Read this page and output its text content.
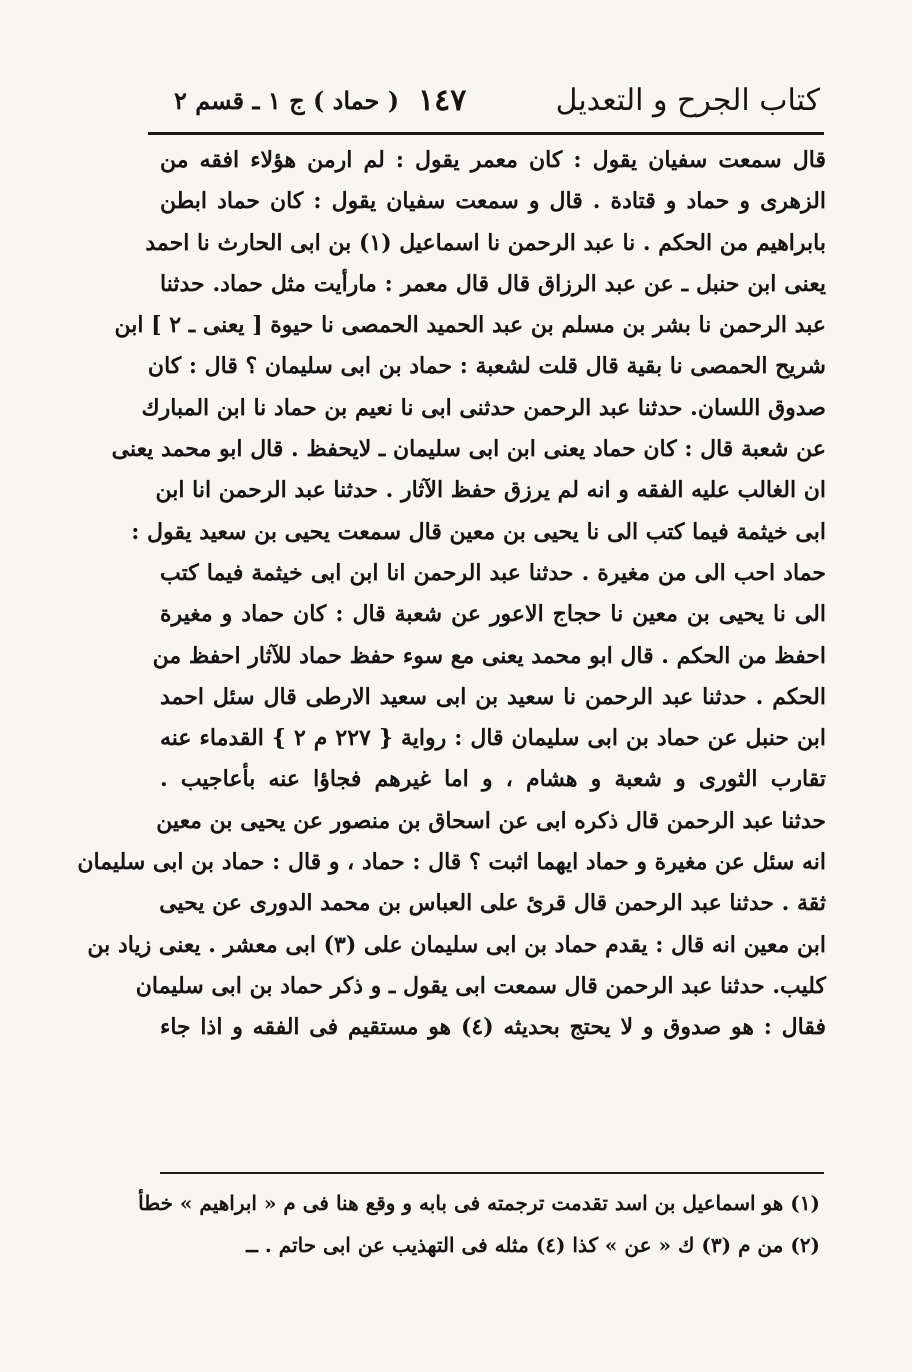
كتاب الجرح و التعديل
١٤٧
( حماد ) ج ١ ـ قسم ٢
قال سمعت سفيان يقول : كان معمر يقول : لم ارمن هؤلاء افقه من
الزهرى و حماد و قتادة . قال و سمعت سفيان يقول : كان حماد ابطن
بابراهيم من الحكم . نا عبد الرحمن نا اسماعيل (١) بن ابى الحارث نا احمد
يعنى ابن حنبل ـ عن عبد الرزاق قال قال معمر : مارأيت مثل حماد. حدثنا
عبد الرحمن نا بشر بن مسلم بن عبد الحميد الحمصى نا حيوة [ يعنى ـ ٢ ] ابن
شريح الحمصى نا بقية قال قلت لشعبة : حماد بن ابى سليمان ؟ قال : كان
صدوق اللسان. حدثنا عبد الرحمن حدثنى ابى نا نعيم بن حماد نا ابن المبارك
عن شعبة قال : كان حماد يعنى ابن ابى سليمان ـ لايحفظ . قال ابو محمد يعنى
ان الغالب عليه الفقه و انه لم يرزق حفظ الآثار . حدثنا عبد الرحمن انا ابن
ابى خيثمة فيما كتب الى نا يحيى بن معين قال سمعت يحيى بن سعيد يقول :
حماد احب الى من مغيرة . حدثنا عبد الرحمن انا ابن ابى خيثمة فيما كتب
الى نا يحيى بن معين نا حجاج الاعور عن شعبة قال : كان حماد و مغيرة
احفظ من الحكم . قال ابو محمد يعنى مع سوء حفظ حماد للآثار احفظ من
الحكم . حدثنا عبد الرحمن نا سعيد بن ابى سعيد الارطى قال سئل احمد
ابن حنبل عن حماد بن ابى سليمان قال : رواية { ٢٢٧ م ٢ } القدماء عنه
تقارب الثورى و شعبة و هشام ، و اما غيرهم فجاؤا عنه بأعاجيب .
حدثنا عبد الرحمن قال ذكره ابى عن اسحاق بن منصور عن يحيى بن معين
انه سئل عن مغيرة و حماد ايهما اثبت ؟ قال : حماد ، و قال : حماد بن ابى سليمان
ثقة . حدثنا عبد الرحمن قال قرئ على العباس بن محمد الدورى عن يحيى
ابن معين انه قال : يقدم حماد بن ابى سليمان على (٣) ابى معشر . يعنى زياد بن
كليب. حدثنا عبد الرحمن قال سمعت ابى يقول ـ و ذكر حماد بن ابى سليمان
فقال : هو صدوق و لا يحتج بحديثه (٤) هو مستقيم فى الفقه و اذا جاء
(١) هو اسماعيل بن اسد تقدمت ترجمته فى بابه و وقع هنا فى م « ابراهيم » خطأ
(٢) من م (٣) ك « عن » كذا (٤) مثله فى التهذيب عن ابى حاتم . ــ
